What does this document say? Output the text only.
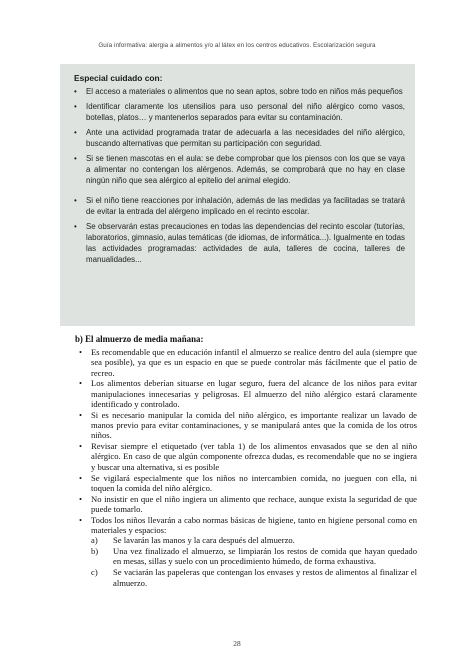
Guía informativa: alergia a alimentos y/o al látex en los centros educativos. Escolarización segura
Especial cuidado con:
• El acceso a materiales o alimentos que no sean aptos, sobre todo en niños más pequeños
• Identificar claramente los utensilios para uso personal del niño alérgico como vasos, botellas, platos… y mantenerlos separados para evitar su contaminación.
• Ante una actividad programada tratar de adecuarla a las necesidades del niño alérgico, buscando alternativas que permitan su participación con seguridad.
• Si se tienen mascotas en el aula: se debe comprobar que los piensos con los que se vaya a alimentar no contengan los alérgenos. Además, se comprobará que no hay en clase ningún niño que sea alérgico al epitelio del animal elegido.
• Si el niño tiene reacciones por inhalación, además de las medidas ya facilitadas se tratará de evitar la entrada del alérgeno implicado en el recinto escolar.
• Se observarán estas precauciones en todas las dependencias del recinto escolar (tutorías, laboratorios, gimnasio, aulas temáticas (de idiomas, de informática...). Igualmente en todas las actividades programadas: actividades de aula, talleres de cocina, talleres de manualidades...
b) El almuerzo de media mañana:
• Es recomendable que en educación infantil el almuerzo se realice dentro del aula (siempre que sea posible), ya que es un espacio en que se puede controlar más fácilmente que el patio de recreo.
• Los alimentos deberían situarse en lugar seguro, fuera del alcance de los niños para evitar manipulaciones innecesarias y peligrosas. El almuerzo del niño alérgico estará claramente identificado y controlado.
• Si es necesario manipular la comida del niño alérgico, es importante realizar un lavado de manos previo para evitar contaminaciones, y se manipulará antes que la comida de los otros niños.
• Revisar siempre el etiquetado (ver tabla 1) de los alimentos envasados que se den al niño alérgico. En caso de que algún componente ofrezca dudas, es recomendable que no se ingiera y buscar una alternativa, si es posible
• Se vigilará especialmente que los niños no intercambien comida, no jueguen con ella, ni toquen la comida del niño alérgico.
• No insistir en que el niño ingiera un alimento que rechace, aunque exista la seguridad de que puede tomarlo.
• Todos los niños llevarán a cabo normas básicas de higiene, tanto en higiene personal como en materiales y espacios:
a)	Se lavarán las manos y la cara después del almuerzo.
b)	Una vez finalizado el almuerzo, se limpiarán los restos de comida que hayan quedado en mesas, sillas y suelo con un procedimiento húmedo, de forma exhaustiva.
c)	Se vaciarán las papeleras que contengan los envases y restos de alimentos al finalizar el almuerzo.
28
